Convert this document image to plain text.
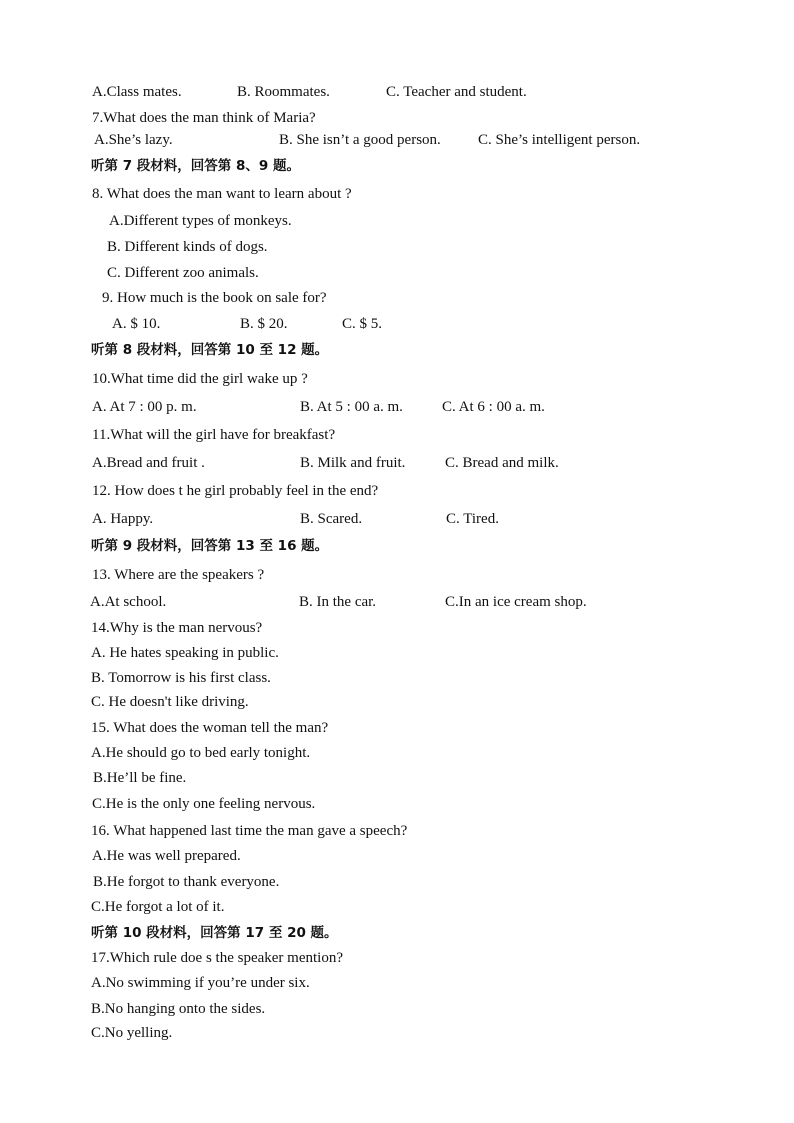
A.Class mates.	B. Roommates.	C. Teacher and student.
7.What does the man think of Maria?
A.She’s lazy.	B. She isn’t a good person. C. She’s intelligent person.
听第 7 段材料，回答第 8、9 题。
8. What does the man want to learn about ?
A.Different types of monkeys.
B. Different kinds of dogs.
C. Different zoo animals.
9. How much is the book on sale for?
A. $ 10.	B. $ 20.	C. $ 5.
听第 8 段材料，回答第 10 至 12 题。
10.What time did the girl wake up ?
A. At 7 : 00 p. m.	B. At 5 : 00 a. m.	C. At 6 : 00 a. m.
11.What will the girl have for breakfast?
A.Bread and fruit .	B. Milk and fruit.	C. Bread and milk.
12. How does t he girl probably feel in the end?
A. Happy.	B. Scared.	C. Tired.
听第 9 段材料，回答第 13 至 16 题。
13. Where are the speakers ?
A.At school.	B. In the car.	C.In an ice cream shop.
14.Why is the man nervous?
A. He hates speaking in public.
B. Tomorrow is his first class.
C. He doesn't like driving.
15. What does the woman tell the man?
A.He should go to bed early tonight.
B.He’ll be fine.
C.He is the only one feeling nervous.
16. What happened last time the man gave a speech?
A.He was well prepared.
B.He forgot to thank everyone.
C.He forgot a lot of it.
听第 10 段材料，回答第 17 至 20 题。
17.Which rule doe s the speaker mention?
A.No swimming if you’re under six.
B.No hanging onto the sides.
C.No yelling.
